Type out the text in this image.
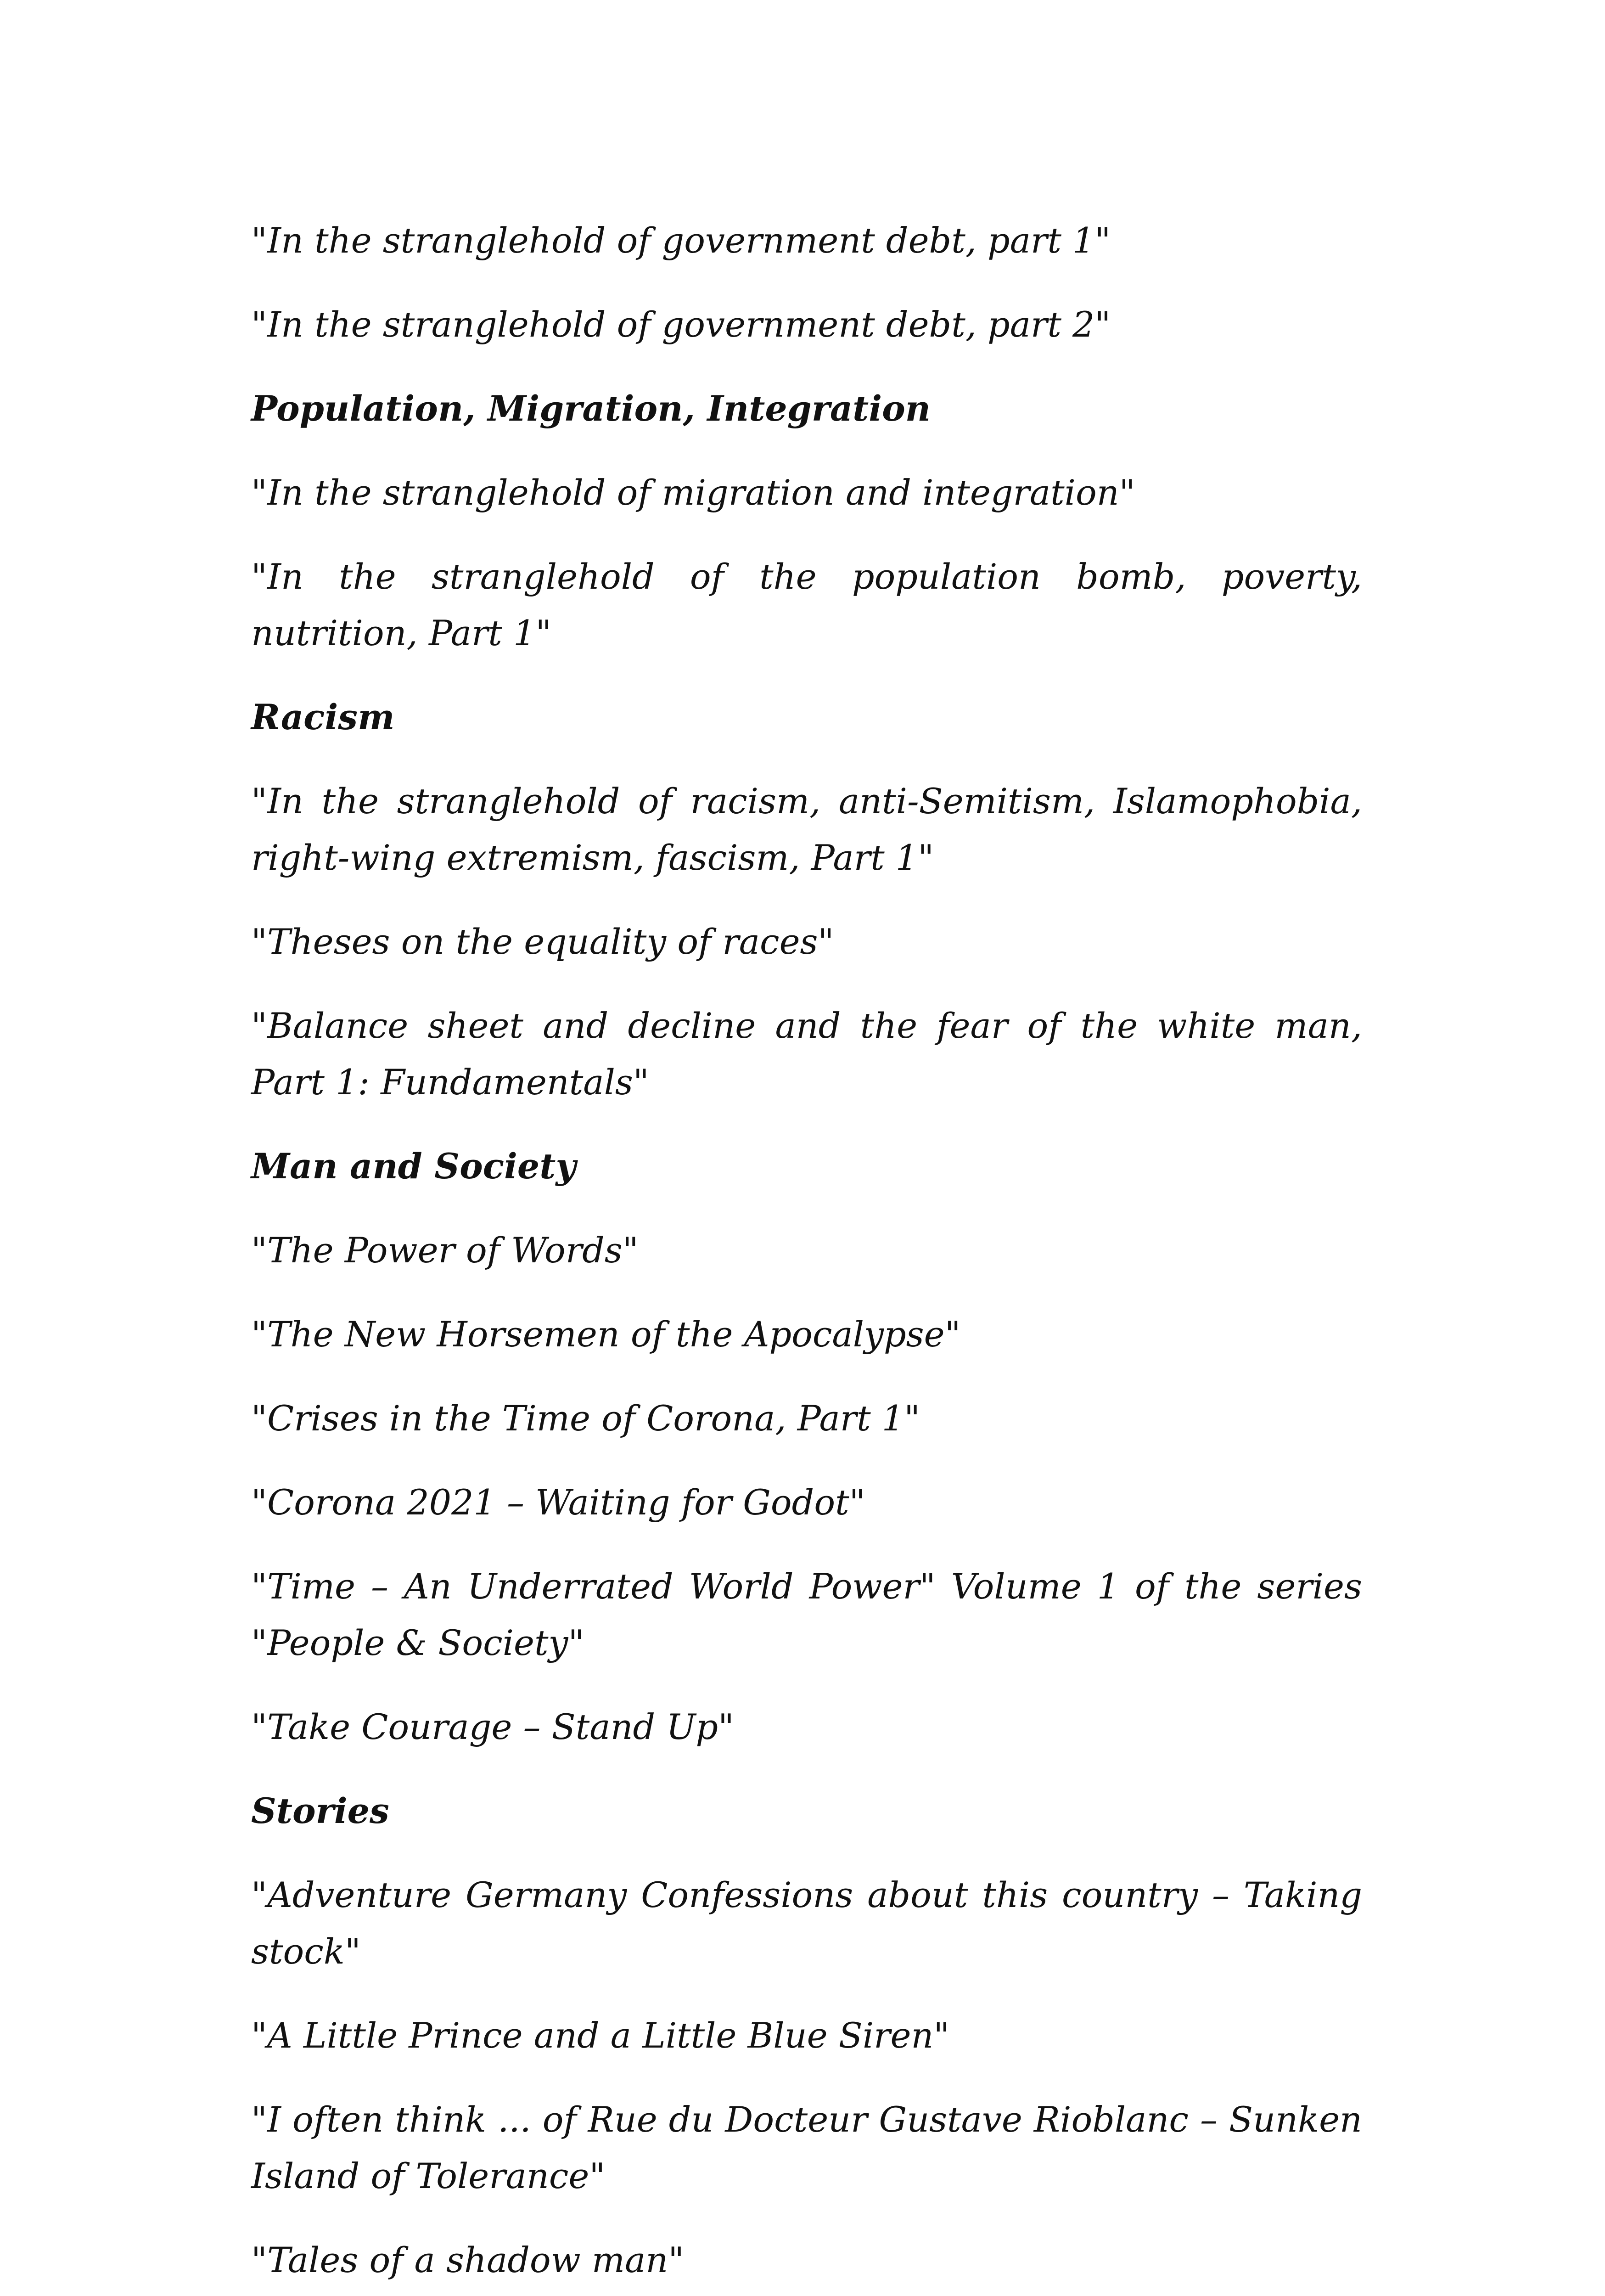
"In the stranglehold of government debt, part 1"

"In the stranglehold of government debt, part 2"

Population, Migration, Integration

"In the stranglehold of migration and integration"

"In the stranglehold of the population bomb, poverty, nutrition, Part 1"

Racism

"In the stranglehold of racism, anti-Semitism, Islamophobia, right-wing extremism, fascism, Part 1"

"Theses on the equality of races"

"Balance sheet and decline and the fear of the white man, Part 1: Fundamentals"

Man and Society

"The Power of Words"

"The New Horsemen of the Apocalypse"

"Crises in the Time of Corona, Part 1"

"Corona 2021 – Waiting for Godot"

"Time – An Underrated World Power" Volume 1 of the series "People & Society"

"Take Courage – Stand Up"

Stories

"Adventure Germany Confessions about this country – Taking stock"

"A Little Prince and a Little Blue Siren"

"I often think ... of Rue du Docteur Gustave Rioblanc – Sunken Island of Tolerance"

"Tales of a shadow man"
